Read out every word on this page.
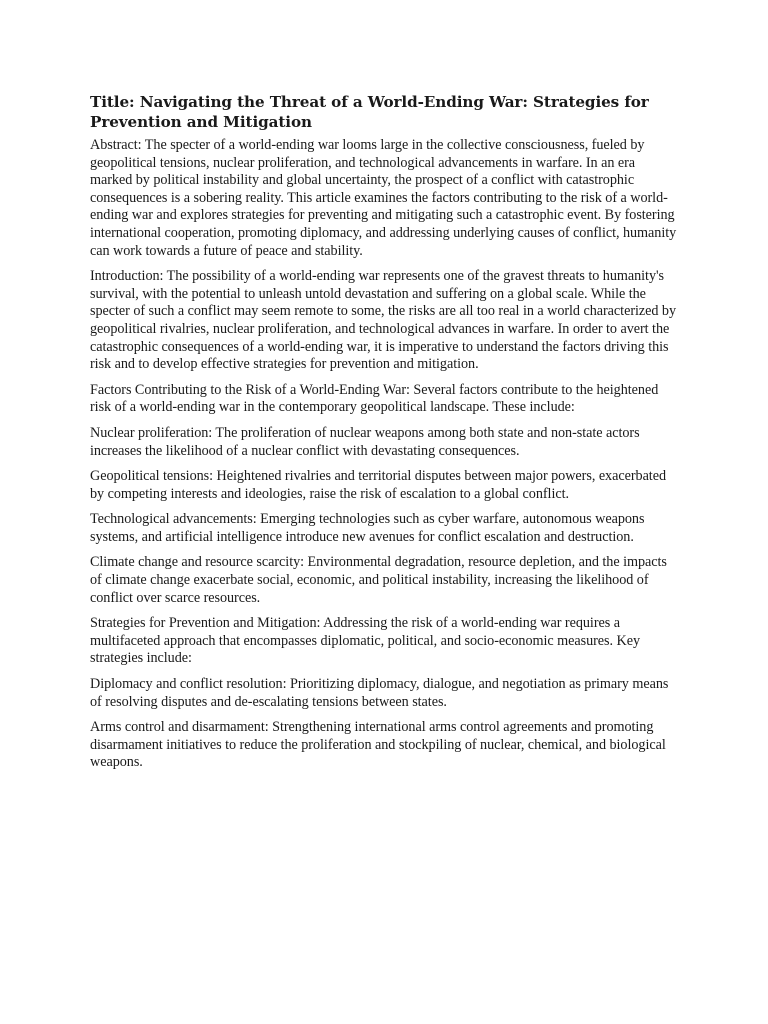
Title: Navigating the Threat of a World-Ending War: Strategies for Prevention and Mitigation

Abstract: The specter of a world-ending war looms large in the collective consciousness, fueled by geopolitical tensions, nuclear proliferation, and technological advancements in warfare. In an era marked by political instability and global uncertainty, the prospect of a conflict with catastrophic consequences is a sobering reality. This article examines the factors contributing to the risk of a world-ending war and explores strategies for preventing and mitigating such a catastrophic event. By fostering international cooperation, promoting diplomacy, and addressing underlying causes of conflict, humanity can work towards a future of peace and stability.

Introduction: The possibility of a world-ending war represents one of the gravest threats to humanity's survival, with the potential to unleash untold devastation and suffering on a global scale. While the specter of such a conflict may seem remote to some, the risks are all too real in a world characterized by geopolitical rivalries, nuclear proliferation, and technological advances in warfare. In order to avert the catastrophic consequences of a world-ending war, it is imperative to understand the factors driving this risk and to develop effective strategies for prevention and mitigation.

Factors Contributing to the Risk of a World-Ending War: Several factors contribute to the heightened risk of a world-ending war in the contemporary geopolitical landscape. These include:

Nuclear proliferation: The proliferation of nuclear weapons among both state and non-state actors increases the likelihood of a nuclear conflict with devastating consequences.

Geopolitical tensions: Heightened rivalries and territorial disputes between major powers, exacerbated by competing interests and ideologies, raise the risk of escalation to a global conflict.

Technological advancements: Emerging technologies such as cyber warfare, autonomous weapons systems, and artificial intelligence introduce new avenues for conflict escalation and destruction.

Climate change and resource scarcity: Environmental degradation, resource depletion, and the impacts of climate change exacerbate social, economic, and political instability, increasing the likelihood of conflict over scarce resources.

Strategies for Prevention and Mitigation: Addressing the risk of a world-ending war requires a multifaceted approach that encompasses diplomatic, political, and socio-economic measures. Key strategies include:

Diplomacy and conflict resolution: Prioritizing diplomacy, dialogue, and negotiation as primary means of resolving disputes and de-escalating tensions between states.

Arms control and disarmament: Strengthening international arms control agreements and promoting disarmament initiatives to reduce the proliferation and stockpiling of nuclear, chemical, and biological weapons.
